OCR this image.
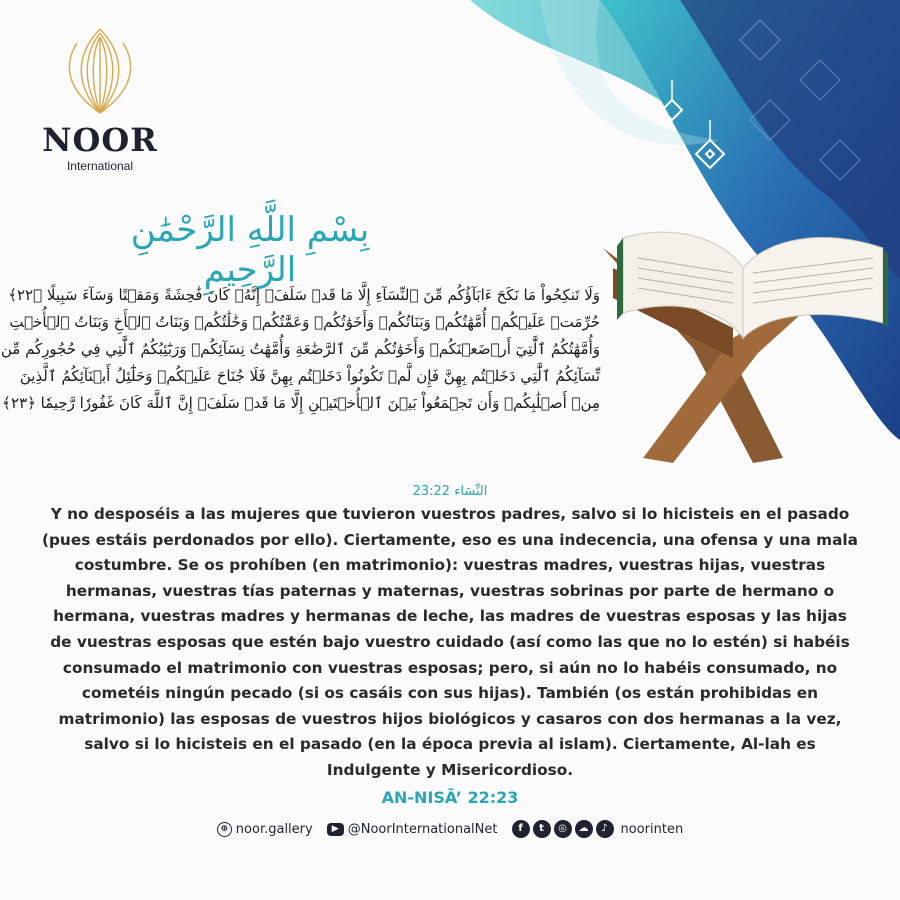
NOOR
International
بِسْمِ اللَّهِ الرَّحْمَٰنِ الرَّحِيمِ
وَلَا تَنكِحُواْ مَا نَكَحَ ءَابَآؤُكُم مِّنَ ٱلنِّسَآءِ إِلَّا مَا قَدۡ سَلَفَۚ إِنَّهُۥ كَانَ فَٰحِشَةً وَمَقۡتًا وَسَآءَ سَبِيلًا ﴿٢٢﴾
حُرِّمَتۡ عَلَيۡكُمۡ أُمَّهَٰتُكُمۡ وَبَنَاتُكُمۡ وَأَخَوَٰتُكُمۡ وَعَمَّٰتُكُمۡ وَخَٰلَٰتُكُمۡ وَبَنَاتُ ٱلۡأَخِ وَبَنَاتُ ٱلۡأُخۡتِ
وَأُمَّهَٰتُكُمُ ٱلَّٰتِيٓ أَرۡضَعۡنَكُمۡ وَأَخَوَٰتُكُم مِّنَ ٱلرَّضَٰعَةِ وَأُمَّهَٰتُ نِسَآئِكُمۡ وَرَبَٰٓئِبُكُمُ ٱلَّٰتِي فِي حُجُورِكُم مِّن
نِّسَآئِكُمُ ٱلَّٰتِي دَخَلۡتُم بِهِنَّ فَإِن لَّمۡ تَكُونُواْ دَخَلۡتُم بِهِنَّ فَلَا جُنَاحَ عَلَيۡكُمۡ وَحَلَٰٓئِلُ أَبۡنَآئِكُمُ ٱلَّذِينَ
مِنۡ أَصۡلَٰبِكُمۡ وَأَن تَجۡمَعُواْ بَيۡنَ ٱلۡأُخۡتَيۡنِ إِلَّا مَا قَدۡ سَلَفَۗ إِنَّ ٱللَّهَ كَانَ غَفُورٗا رَّحِيمٗا ﴿٢٣﴾
النِّسَاء 23:22
Y no desposéis a las mujeres que tuvieron vuestros padres, salvo si lo hicisteis en el pasado (pues estáis perdonados por ello). Ciertamente, eso es una indecencia, una ofensa y una mala costumbre. Se os prohíben (en matrimonio): vuestras madres, vuestras hijas, vuestras hermanas, vuestras tías paternas y maternas, vuestras sobrinas por parte de hermano o hermana, vuestras madres y hermanas de leche, las madres de vuestras esposas y las hijas de vuestras esposas que estén bajo vuestro cuidado (así como las que no lo estén) si habéis consumado el matrimonio con vuestras esposas; pero, si aún no lo habéis consumado, no cometéis ningún pecado (si os casáis con sus hijas). También (os están prohibidas en matrimonio) las esposas de vuestros hijos biológicos y casaros con dos hermanas a la vez, salvo si lo hicisteis en el pasado (en la época previa al islam). Ciertamente, Al-lah es Indulgente y Misericordioso.
AN-NISĀ’ 22:23
⊕ noor.gallery	▶ @NoorInternationalNet	f	t	◎	☁	♪ noorinten
